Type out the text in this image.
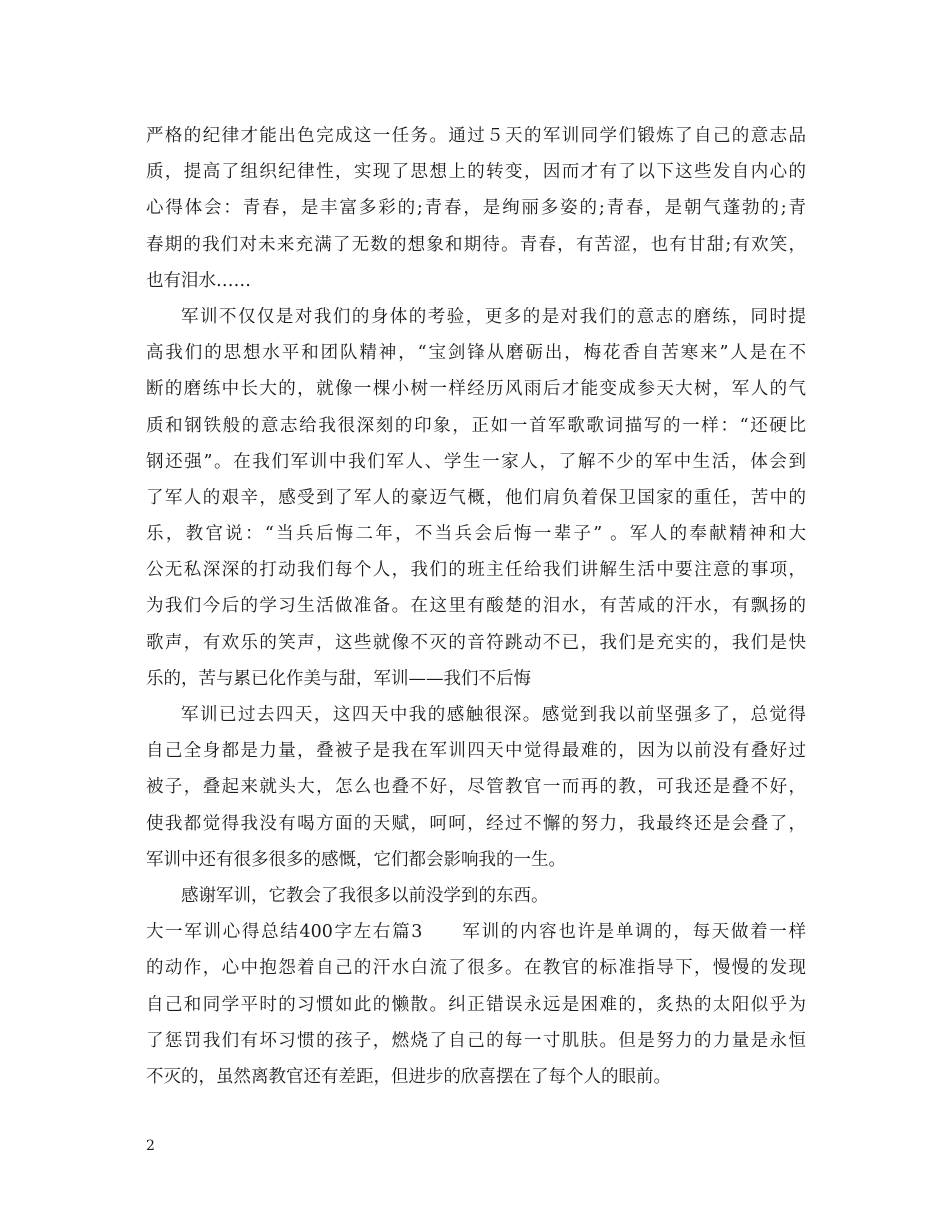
严格的纪律才能出色完成这一任务。通过５天的军训同学们锻炼了自己的意志品
质，提高了组织纪律性，实现了思想上的转变，因而才有了以下这些发自内心的
心得体会：青春，是丰富多彩的;青春，是绚丽多姿的;青春，是朝气蓬勃的;青
春期的我们对未来充满了无数的想象和期待。青春，有苦涩，也有甘甜;有欢笑，
也有泪水……
军训不仅仅是对我们的身体的考验，更多的是对我们的意志的磨练，同时提
高我们的思想水平和团队精神，“宝剑锋从磨砺出，梅花香自苦寒来”人是在不
断的磨练中长大的，就像一棵小树一样经历风雨后才能变成参天大树，军人的气
质和钢铁般的意志给我很深刻的印象，正如一首军歌歌词描写的一样：“还硬比
钢还强”。在我们军训中我们军人、学生一家人，了解不少的军中生活，体会到
了军人的艰辛，感受到了军人的豪迈气概，他们肩负着保卫国家的重任，苦中的
乐，教官说：“当兵后悔二年，不当兵会后悔一辈子” 。军人的奉献精神和大
公无私深深的打动我们每个人，我们的班主任给我们讲解生活中要注意的事项，
为我们今后的学习生活做准备。在这里有酸楚的泪水，有苦咸的汗水，有飘扬的
歌声，有欢乐的笑声，这些就像不灭的音符跳动不已，我们是充实的，我们是快
乐的，苦与累已化作美与甜，军训——我们不后悔
军训已过去四天，这四天中我的感触很深。感觉到我以前坚强多了，总觉得
自己全身都是力量，叠被子是我在军训四天中觉得最难的，因为以前没有叠好过
被子，叠起来就头大，怎么也叠不好，尽管教官一而再的教，可我还是叠不好，
使我都觉得我没有喝方面的天赋，呵呵，经过不懈的努力，我最终还是会叠了，
军训中还有很多很多的感慨，它们都会影响我的一生。
感谢军训，它教会了我很多以前没学到的东西。
大一军训心得总结400字左右篇3　　军训的内容也许是单调的，每天做着一样
的动作，心中抱怨着自己的汗水白流了很多。在教官的标准指导下，慢慢的发现
自己和同学平时的习惯如此的懒散。纠正错误永远是困难的，炙热的太阳似乎为
了惩罚我们有坏习惯的孩子，燃烧了自己的每一寸肌肤。但是努力的力量是永恒
不灭的，虽然离教官还有差距，但进步的欣喜摆在了每个人的眼前。
2
